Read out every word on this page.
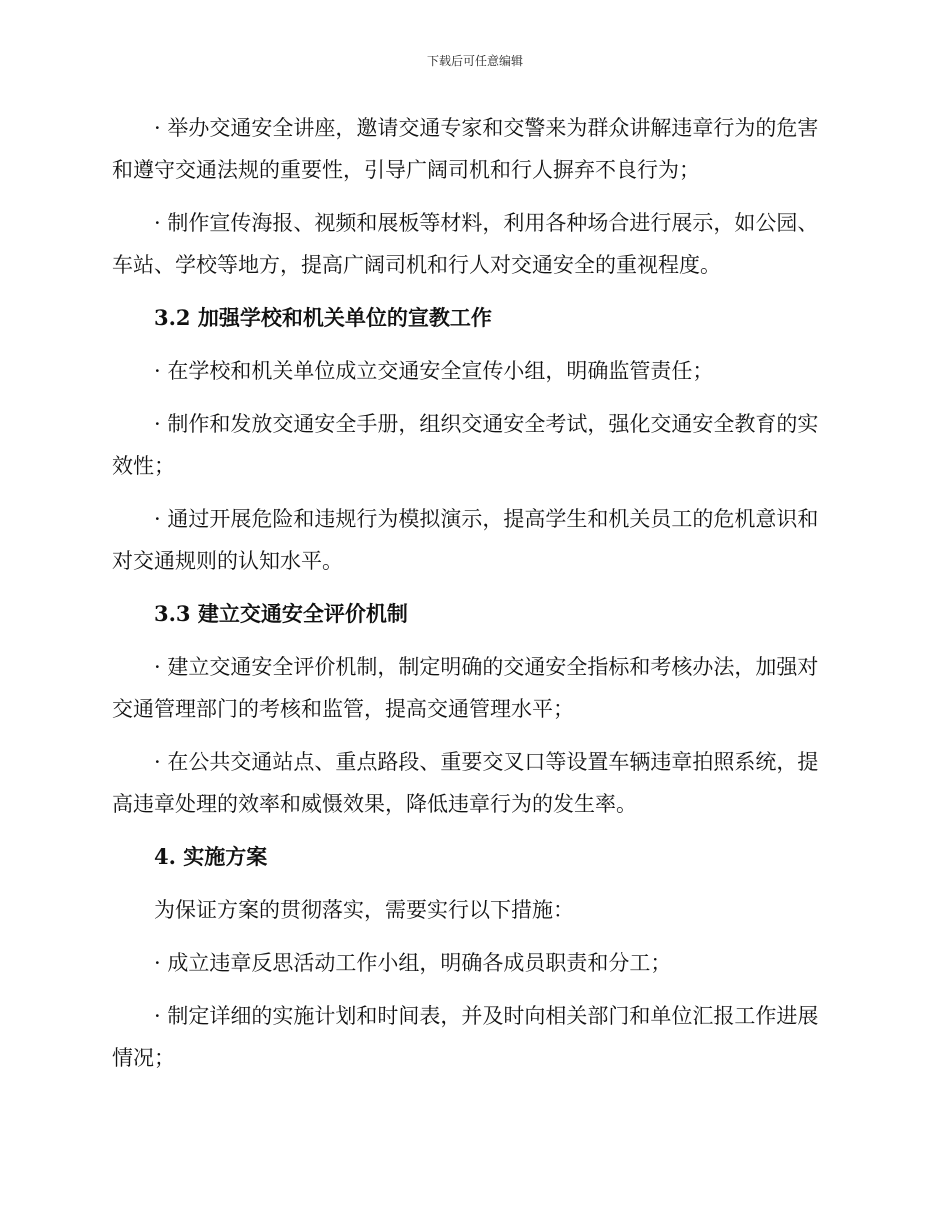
下载后可任意编辑

· 举办交通安全讲座，邀请交通专家和交警来为群众讲解违章行为的危害和遵守交通法规的重要性，引导广阔司机和行人摒弃不良行为；

· 制作宣传海报、视频和展板等材料，利用各种场合进行展示，如公园、车站、学校等地方，提高广阔司机和行人对交通安全的重视程度。

3.2 加强学校和机关单位的宣教工作

· 在学校和机关单位成立交通安全宣传小组，明确监管责任；

· 制作和发放交通安全手册，组织交通安全考试，强化交通安全教育的实效性；

· 通过开展危险和违规行为模拟演示，提高学生和机关员工的危机意识和对交通规则的认知水平。

3.3 建立交通安全评价机制

· 建立交通安全评价机制，制定明确的交通安全指标和考核办法，加强对交通管理部门的考核和监管，提高交通管理水平；

· 在公共交通站点、重点路段、重要交叉口等设置车辆违章拍照系统，提高违章处理的效率和威慑效果，降低违章行为的发生率。

4. 实施方案

为保证方案的贯彻落实，需要实行以下措施：

· 成立违章反思活动工作小组，明确各成员职责和分工；

· 制定详细的实施计划和时间表，并及时向相关部门和单位汇报工作进展情况；
